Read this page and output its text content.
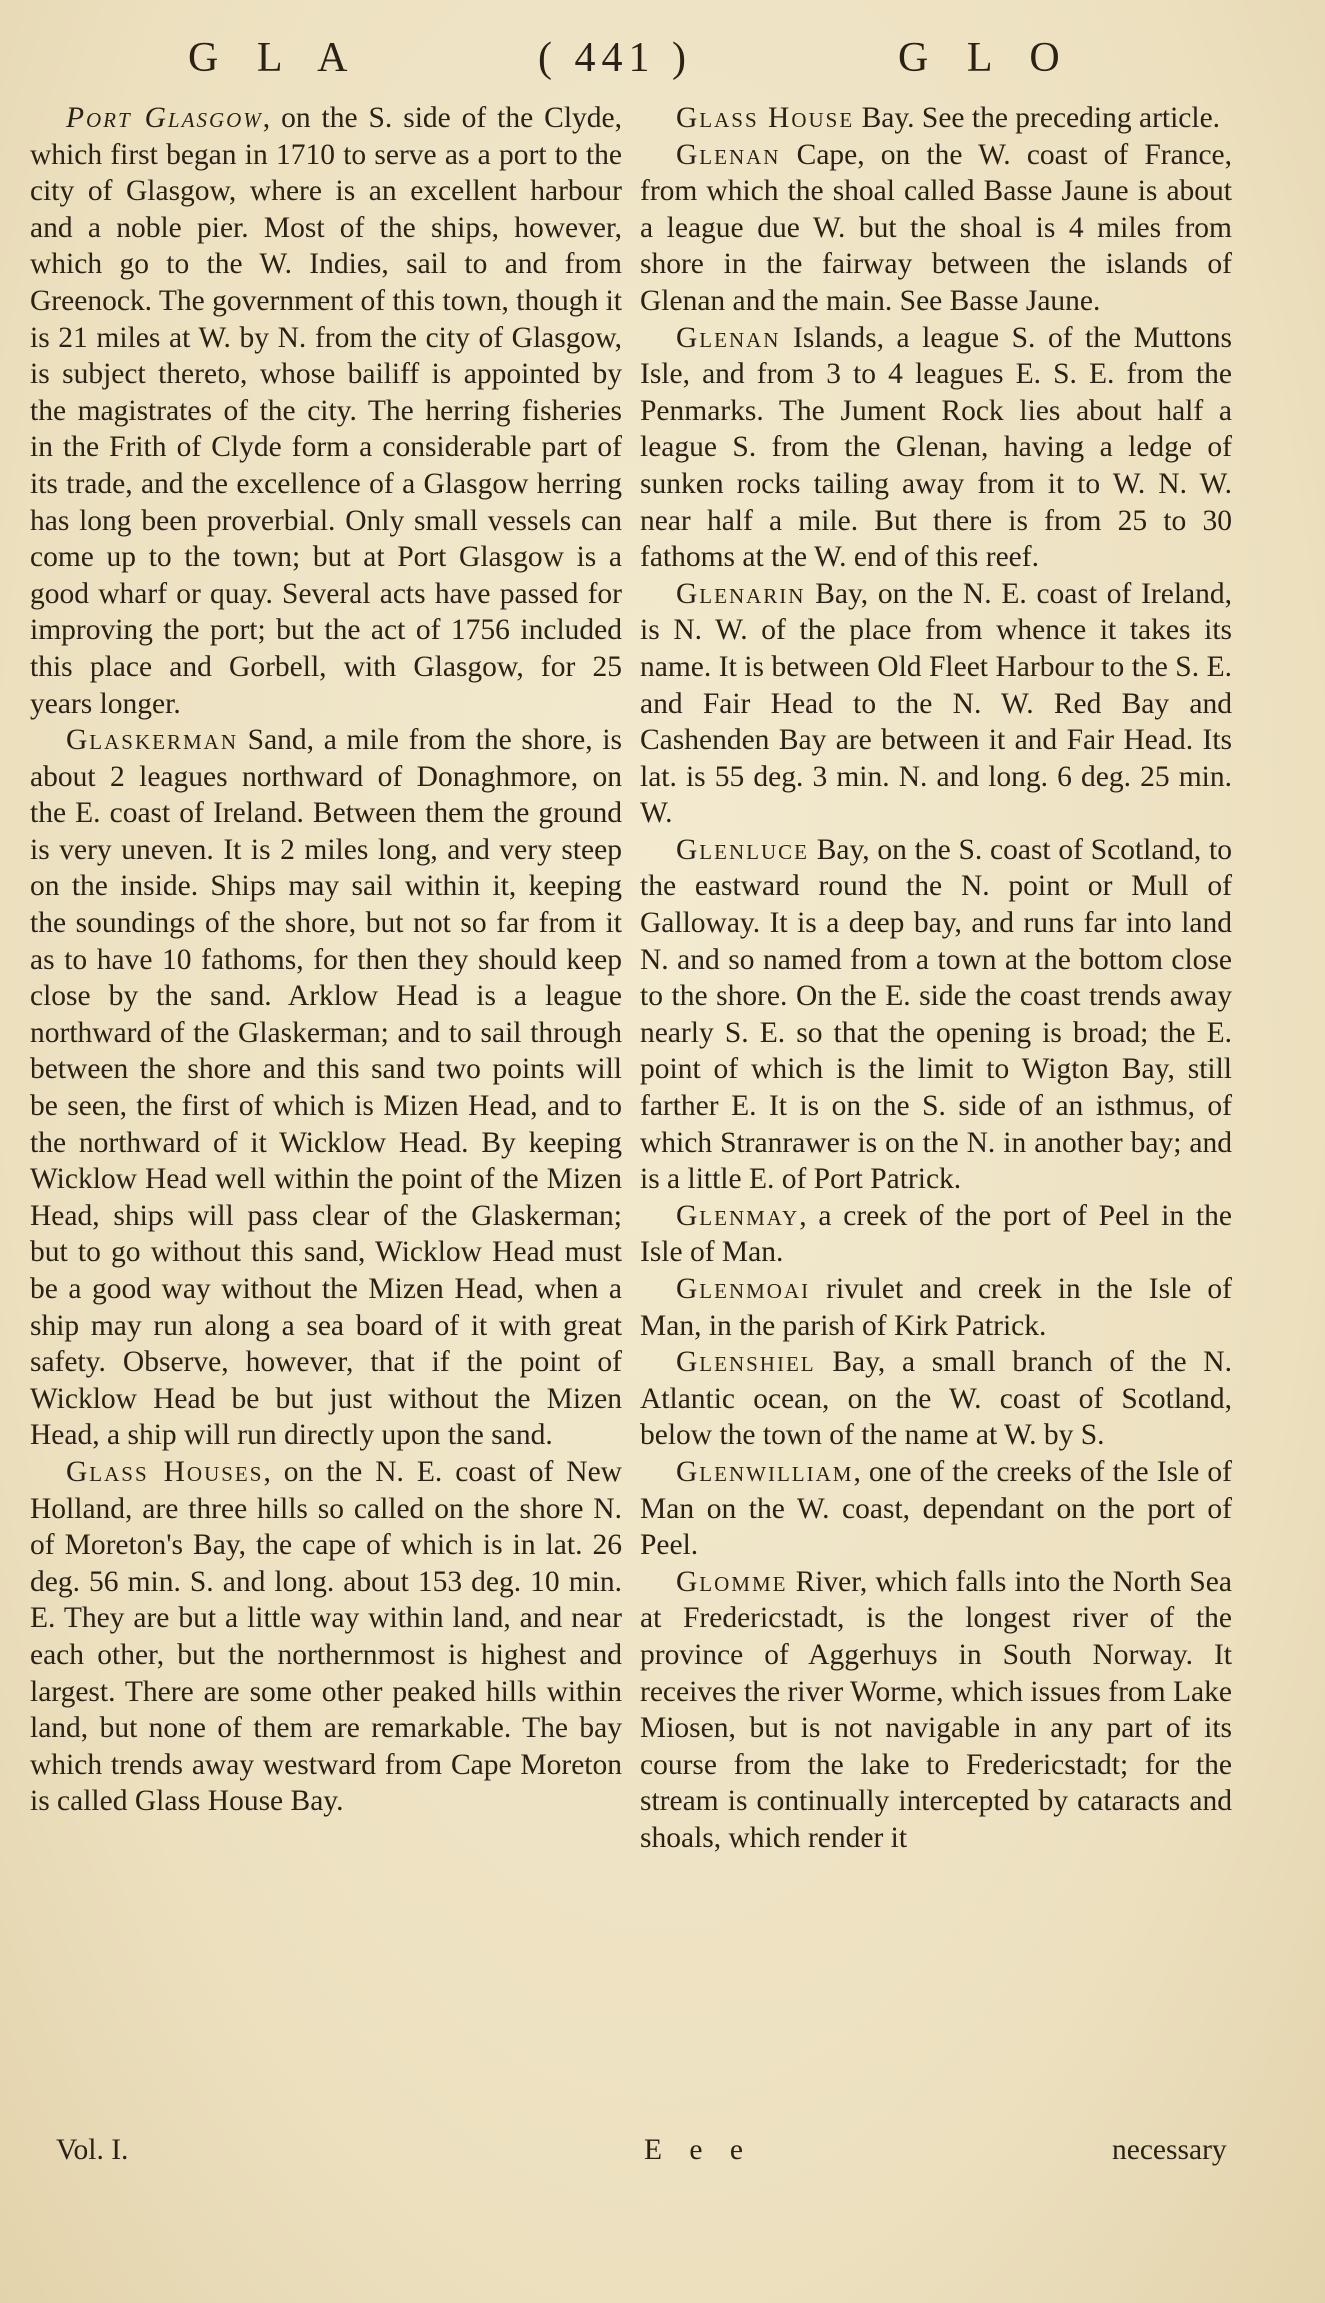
G L A	( 441 )	G L O

Port Glasgow, on the S. side of the Clyde, which first began in 1710 to serve as a port to the city of Glasgow, where is an excellent harbour and a noble pier. Most of the ships, however, which go to the W. Indies, sail to and from Greenock. The government of this town, though it is 21 miles at W. by N. from the city of Glasgow, is subject thereto, whose bailiff is appointed by the magistrates of the city. The herring fisheries in the Frith of Clyde form a considerable part of its trade, and the excellence of a Glasgow herring has long been proverbial. Only small vessels can come up to the town; but at Port Glasgow is a good wharf or quay. Several acts have passed for improving the port; but the act of 1756 included this place and Gorbell, with Glasgow, for 25 years longer.

Glaskerman Sand, a mile from the shore, is about 2 leagues northward of Donaghmore, on the E. coast of Ireland. Between them the ground is very uneven. It is 2 miles long, and very steep on the inside. Ships may sail within it, keeping the soundings of the shore, but not so far from it as to have 10 fathoms, for then they should keep close by the sand. Arklow Head is a league northward of the Glaskerman; and to sail through between the shore and this sand two points will be seen, the first of which is Mizen Head, and to the northward of it Wicklow Head. By keeping Wicklow Head well within the point of the Mizen Head, ships will pass clear of the Glaskerman; but to go without this sand, Wicklow Head must be a good way without the Mizen Head, when a ship may run along a sea board of it with great safety. Observe, however, that if the point of Wicklow Head be but just without the Mizen Head, a ship will run directly upon the sand.

Glass Houses, on the N. E. coast of New Holland, are three hills so called on the shore N. of Moreton's Bay, the cape of which is in lat. 26 deg. 56 min. S. and long. about 153 deg. 10 min. E. They are but a little way within land, and near each other, but the northernmost is highest and largest. There are some other peaked hills within land, but none of them are remarkable. The bay which trends away westward from Cape Moreton is called Glass House Bay.

Glass House Bay. See the preceding article.

Glenan Cape, on the W. coast of France, from which the shoal called Basse Jaune is about a league due W. but the shoal is 4 miles from shore in the fairway between the islands of Glenan and the main. See Basse Jaune.

Glenan Islands, a league S. of the Muttons Isle, and from 3 to 4 leagues E. S. E. from the Penmarks. The Jument Rock lies about half a league S. from the Glenan, having a ledge of sunken rocks tailing away from it to W. N. W. near half a mile. But there is from 25 to 30 fathoms at the W. end of this reef.

Glenarin Bay, on the N. E. coast of Ireland, is N. W. of the place from whence it takes its name. It is between Old Fleet Harbour to the S. E. and Fair Head to the N. W. Red Bay and Cashenden Bay are between it and Fair Head. Its lat. is 55 deg. 3 min. N. and long. 6 deg. 25 min. W.

Glenluce Bay, on the S. coast of Scotland, to the eastward round the N. point or Mull of Galloway. It is a deep bay, and runs far into land N. and so named from a town at the bottom close to the shore. On the E. side the coast trends away nearly S. E. so that the opening is broad; the E. point of which is the limit to Wigton Bay, still farther E. It is on the S. side of an isthmus, of which Stranrawer is on the N. in another bay; and is a little E. of Port Patrick.

Glenmay, a creek of the port of Peel in the Isle of Man.

Glenmoai rivulet and creek in the Isle of Man, in the parish of Kirk Patrick.

Glenshiel Bay, a small branch of the N. Atlantic ocean, on the W. coast of Scotland, below the town of the name at W. by S.

Glenwilliam, one of the creeks of the Isle of Man on the W. coast, dependant on the port of Peel.

Glomme River, which falls into the North Sea at Fredericstadt, is the longest river of the province of Aggerhuys in South Norway. It receives the river Worme, which issues from Lake Miosen, but is not navigable in any part of its course from the lake to Fredericstadt; for the stream is continually intercepted by cataracts and shoals, which render it

Vol. I.	E e e	necessary
